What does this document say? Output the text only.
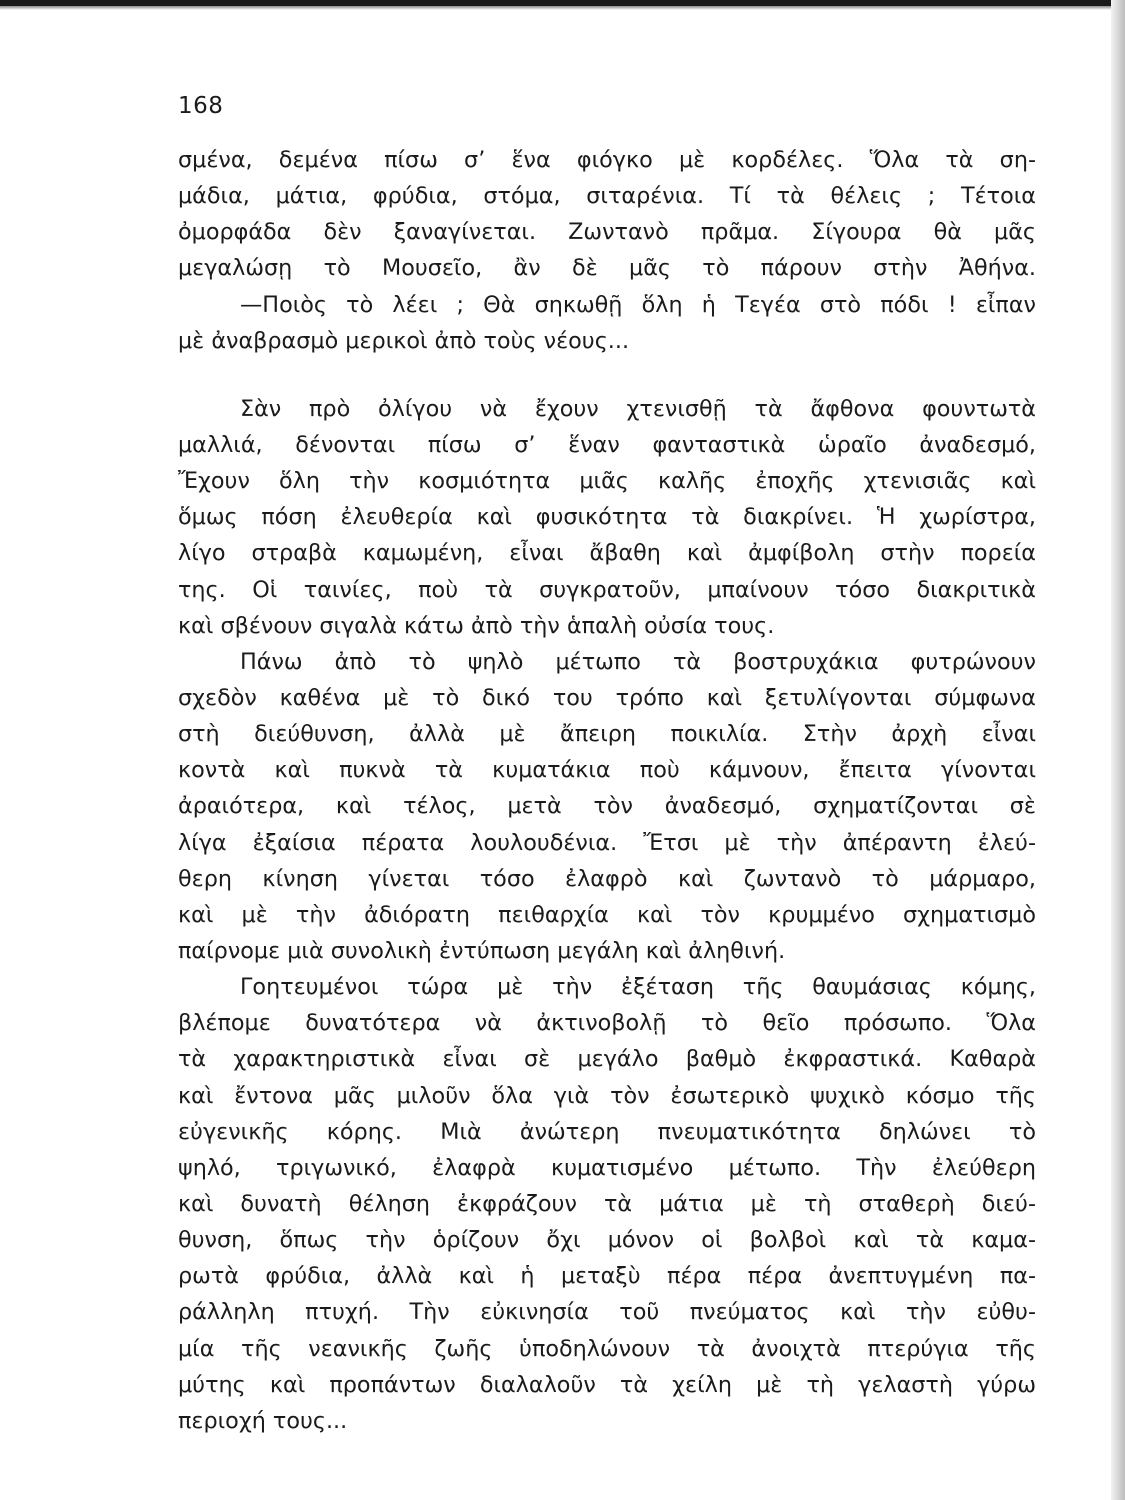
168
σμένα, δεμένα πίσω σ’ ἕνα φιόγκο μὲ κορδέλες. Ὅλα τὰ ση-
μάδια, μάτια, φρύδια, στόμα, σιταρένια. Τί τὰ θέλεις ; Τέτοια
ὀμορφάδα δὲν ξαναγίνεται. Ζωντανὸ πρᾶμα. Σίγουρα θὰ μᾶς
μεγαλώσῃ τὸ Μουσεῖο, ἂν δὲ μᾶς τὸ πάρουν στὴν Ἀθήνα.
—Ποιὸς τὸ λέει ; Θὰ σηκωθῇ ὅλη ἡ Τεγέα στὸ πόδι ! εἶπαν
μὲ ἀναβρασμὸ μερικοὶ ἀπὸ τοὺς νέους...
Σὰν πρὸ ὀλίγου νὰ ἔχουν χτενισθῇ τὰ ἄφθονα φουντωτὰ
μαλλιά, δένονται πίσω σ’ ἕναν φανταστικὰ ὡραῖο ἀναδεσμό,
Ἔχουν ὅλη τὴν κοσμιότητα μιᾶς καλῆς ἐποχῆς χτενισιᾶς καὶ
ὅμως πόση ἐλευθερία καὶ φυσικότητα τὰ διακρίνει. Ἡ χωρίστρα,
λίγο στραβὰ καμωμένη, εἶναι ἄβαθη καὶ ἀμφίβολη στὴν πορεία
της. Οἱ ταινίες, ποὺ τὰ συγκρατοῦν, μπαίνουν τόσο διακριτικὰ
καὶ σβένουν σιγαλὰ κάτω ἀπὸ τὴν ἁπαλὴ οὐσία τους.
Πάνω ἀπὸ τὸ ψηλὸ μέτωπο τὰ βοστρυχάκια φυτρώνουν
σχεδὸν καθένα μὲ τὸ δικό του τρόπο καὶ ξετυλίγονται σύμφωνα
στὴ διεύθυνση, ἀλλὰ μὲ ἄπειρη ποικιλία. Στὴν ἀρχὴ εἶναι
κοντὰ καὶ πυκνὰ τὰ κυματάκια ποὺ κάμνουν, ἔπειτα γίνονται
ἀραιότερα, καὶ τέλος, μετὰ τὸν ἀναδεσμό, σχηματίζονται σὲ
λίγα ἐξαίσια πέρατα λουλουδένια. Ἔτσι μὲ τὴν ἀπέραντη ἐλεύ-
θερη κίνηση γίνεται τόσο ἐλαφρὸ καὶ ζωντανὸ τὸ μάρμαρο,
καὶ μὲ τὴν ἀδιόρατη πειθαρχία καὶ τὸν κρυμμένο σχηματισμὸ
παίρνομε μιὰ συνολικὴ ἐντύπωση μεγάλη καὶ ἀληθινή.
Γοητευμένοι τώρα μὲ τὴν ἐξέταση τῆς θαυμάσιας κόμης,
βλέπομε δυνατότερα νὰ ἀκτινοβολῇ τὸ θεῖο πρόσωπο. Ὅλα
τὰ χαρακτηριστικὰ εἶναι σὲ μεγάλο βαθμὸ ἐκφραστικά. Καθαρὰ
καὶ ἔντονα μᾶς μιλοῦν ὅλα γιὰ τὸν ἐσωτερικὸ ψυχικὸ κόσμο τῆς
εὐγενικῆς κόρης. Μιὰ ἀνώτερη πνευματικότητα δηλώνει τὸ
ψηλό, τριγωνικό, ἐλαφρὰ κυματισμένο μέτωπο. Τὴν ἐλεύθερη
καὶ δυνατὴ θέληση ἐκφράζουν τὰ μάτια μὲ τὴ σταθερὴ διεύ-
θυνση, ὅπως τὴν ὁρίζουν ὄχι μόνον οἱ βολβοὶ καὶ τὰ καμα-
ρωτὰ φρύδια, ἀλλὰ καὶ ἡ μεταξὺ πέρα πέρα ἀνεπτυγμένη πα-
ράλληλη πτυχή. Τὴν εὐκινησία τοῦ πνεύματος καὶ τὴν εὐθυ-
μία τῆς νεανικῆς ζωῆς ὑποδηλώνουν τὰ ἀνοιχτὰ πτερύγια τῆς
μύτης καὶ προπάντων διαλαλοῦν τὰ χείλη μὲ τὴ γελαστὴ γύρω
περιοχή τους...
